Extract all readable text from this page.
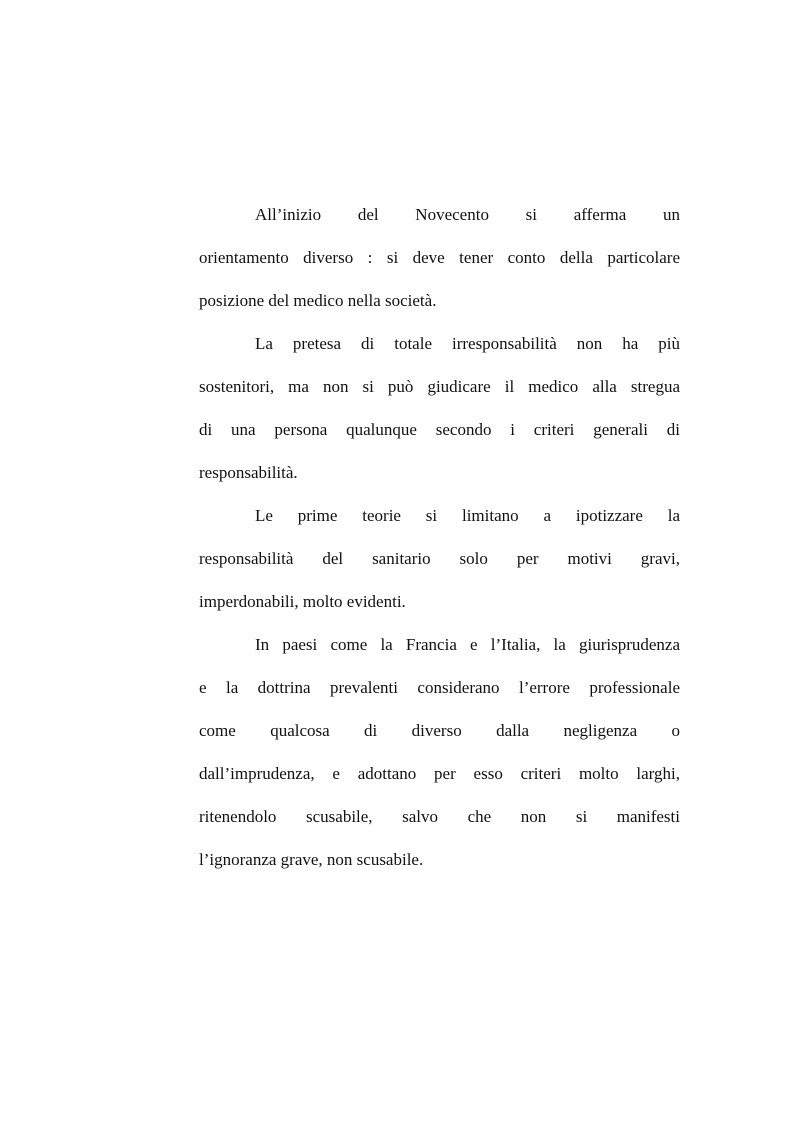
All’inizio del Novecento si afferma un
orientamento diverso : si deve tener conto della particolare
posizione del medico nella società.

La pretesa di totale irresponsabilità non ha più
sostenitori, ma non si può giudicare il medico alla stregua
di una persona qualunque secondo i criteri generali di
responsabilità.

Le prime teorie si limitano a ipotizzare la
responsabilità del sanitario solo per motivi gravi,
imperdonabili, molto evidenti.

In paesi come la Francia e l’Italia, la giurisprudenza
e la dottrina prevalenti considerano l’errore professionale
come qualcosa di diverso dalla negligenza o
dall’imprudenza, e adottano per esso criteri molto larghi,
ritenendolo scusabile, salvo che non si manifesti
l’ignoranza grave, non scusabile.
